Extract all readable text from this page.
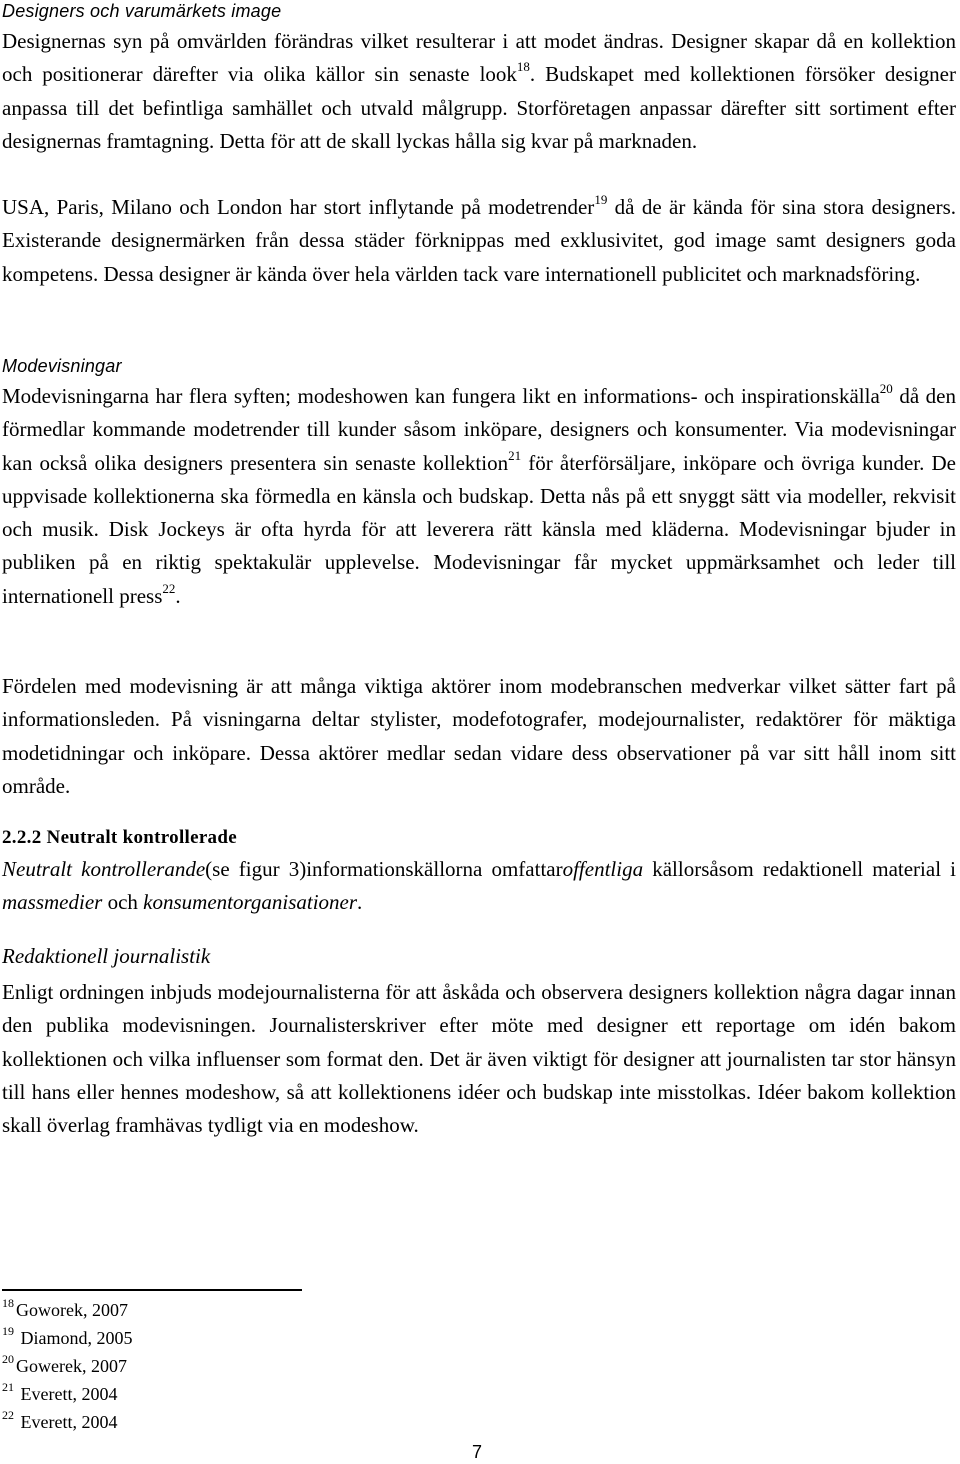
Designers och varumärkets image

Designernas syn på omvärlden förändras vilket resulterar i att modet ändras. Designer skapar då en kollektion och positionerar därefter via olika källor sin senaste look$^{18}$. Budskapet med kollektionen försöker designer anpassa till det befintliga samhället och utvald målgrupp. Storföretagen anpassar därefter sitt sortiment efter designernas framtagning. Detta för att de skall lyckas hålla sig kvar på marknaden.

USA, Paris, Milano och London har stort inflytande på modetrender$^{19}$ då de är kända för sina stora designers. Existerande designermärken från dessa städer förknippas med exklusivitet, god image samt designers goda kompetens. Dessa designer är kända över hela världen tack vare internationell publicitet och marknadsföring.

Modevisningar

Modevisningarna har flera syften; modeshowen kan fungera likt en informations- och inspirationskälla$^{20}$ då den förmedlar kommande modetrender till kunder såsom inköpare, designers och konsumenter. Via modevisningar kan också olika designers presentera sin senaste kollektion$^{21}$ för återförsäljare, inköpare och övriga kunder. De uppvisade kollektionerna ska förmedla en känsla och budskap. Detta nås på ett snyggt sätt via modeller, rekvisit och musik. Disk Jockeys är ofta hyrda för att leverera rätt känsla med kläderna. Modevisningar bjuder in publiken på en riktig spektakulär upplevelse. Modevisningar får mycket uppmärksamhet och leder till internationell press$^{22}$.

Fördelen med modevisning är att många viktiga aktörer inom modebranschen medverkar vilket sätter fart på informationsleden. På visningarna deltar stylister, modefotografer, modejournalister, redaktörer för mäktiga modetidningar och inköpare. Dessa aktörer medlar sedan vidare dess observationer på var sitt håll inom sitt område.

2.2.2 Neutralt kontrollerade

Neutralt kontrollerande(se figur 3)informationskällorna omfattaroffentliga källorsåsom redaktionell material i massmedier och konsumentorganisationer.

Redaktionell journalistik

Enligt ordningen inbjuds modejournalisterna för att åskåda och observera designers kollektion några dagar innan den publika modevisningen. Journalisterskriver efter möte med designer ett reportage om idén bakom kollektionen och vilka influenser som format den. Det är även viktigt för designer att journalisten tar stor hänsyn till hans eller hennes modeshow, så att kollektionens idéer och budskap inte misstolkas. Idéer bakom kollektion skall överlag framhävas tydligt via en modeshow.

$^{18}$ Goworek, 2007
$^{19}$ Diamond, 2005
$^{20}$ Gowerek, 2007
$^{21}$ Everett, 2004
$^{22}$ Everett, 2004
7
